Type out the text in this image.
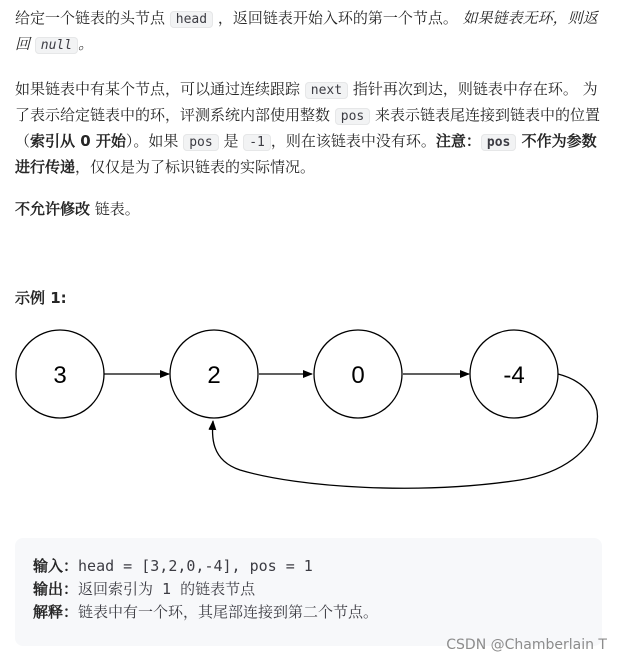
给定一个链表的头节点 head ，返回链表开始入环的第一个节点。 如果链表无环，则返回 null 。

如果链表中有某个节点，可以通过连续跟踪 next 指针再次到达，则链表中存在环。 为了表示给定链表中的环，评测系统内部使用整数 pos 来表示链表尾连接到链表中的位置（索引从 0 开始）。如果 pos 是 -1 ，则在该链表中没有环。注意： pos 不作为参数进行传递，仅仅是为了标识链表的实际情况。

不允许修改 链表。

示例 1:

3	2	0	-4
输入：head = [3,2,0,-4], pos = 1
输出：返回索引为 1 的链表节点
解释：链表中有一个环，其尾部连接到第二个节点。
CSDN @Chamberlain T
